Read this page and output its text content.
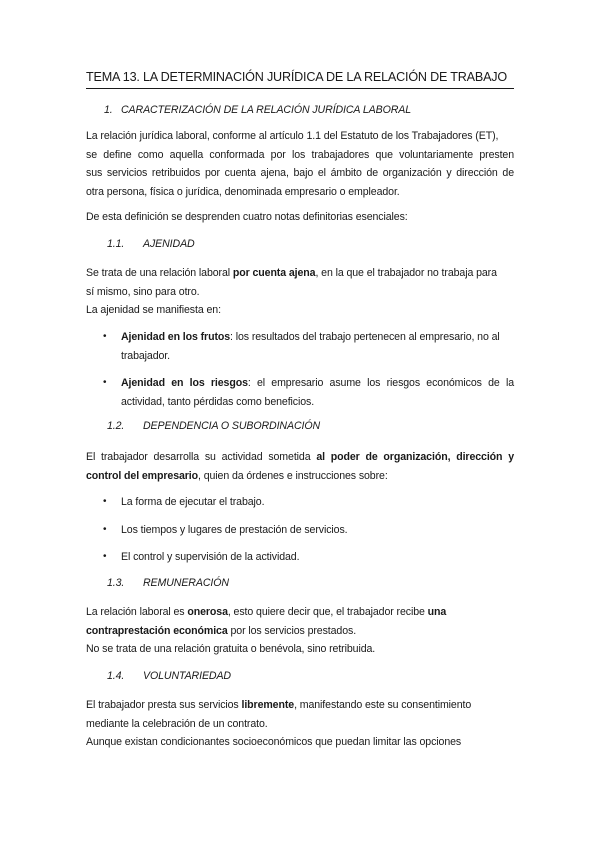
TEMA 13. LA DETERMINACIÓN JURÍDICA DE LA RELACIÓN DE TRABAJO
1. CARACTERIZACIÓN DE LA RELACIÓN JURÍDICA LABORAL
La relación jurídica laboral, conforme al artículo 1.1 del Estatuto de los Trabajadores (ET),
se define como aquella conformada por los trabajadores que voluntariamente presten
sus servicios retribuidos por cuenta ajena, bajo el ámbito de organización y dirección de
otra persona, física o jurídica, denominada empresario o empleador.
De esta definición se desprenden cuatro notas definitorias esenciales:
1.1. AJENIDAD
Se trata de una relación laboral por cuenta ajena, en la que el trabajador no trabaja para
sí mismo, sino para otro.
La ajenidad se manifiesta en:
• Ajenidad en los frutos: los resultados del trabajo pertenecen al empresario, no al
trabajador.
• Ajenidad en los riesgos: el empresario asume los riesgos económicos de la
actividad, tanto pérdidas como beneficios.
1.2. DEPENDENCIA O SUBORDINACIÓN
El trabajador desarrolla su actividad sometida al poder de organización, dirección y
control del empresario, quien da órdenes e instrucciones sobre:
• La forma de ejecutar el trabajo.
• Los tiempos y lugares de prestación de servicios.
• El control y supervisión de la actividad.
1.3. REMUNERACIÓN
La relación laboral es onerosa, esto quiere decir que, el trabajador recibe una
contraprestación económica por los servicios prestados.
No se trata de una relación gratuita o benévola, sino retribuida.
1.4. VOLUNTARIEDAD
El trabajador presta sus servicios libremente, manifestando este su consentimiento
mediante la celebración de un contrato.
Aunque existan condicionantes socioeconómicos que puedan limitar las opciones
